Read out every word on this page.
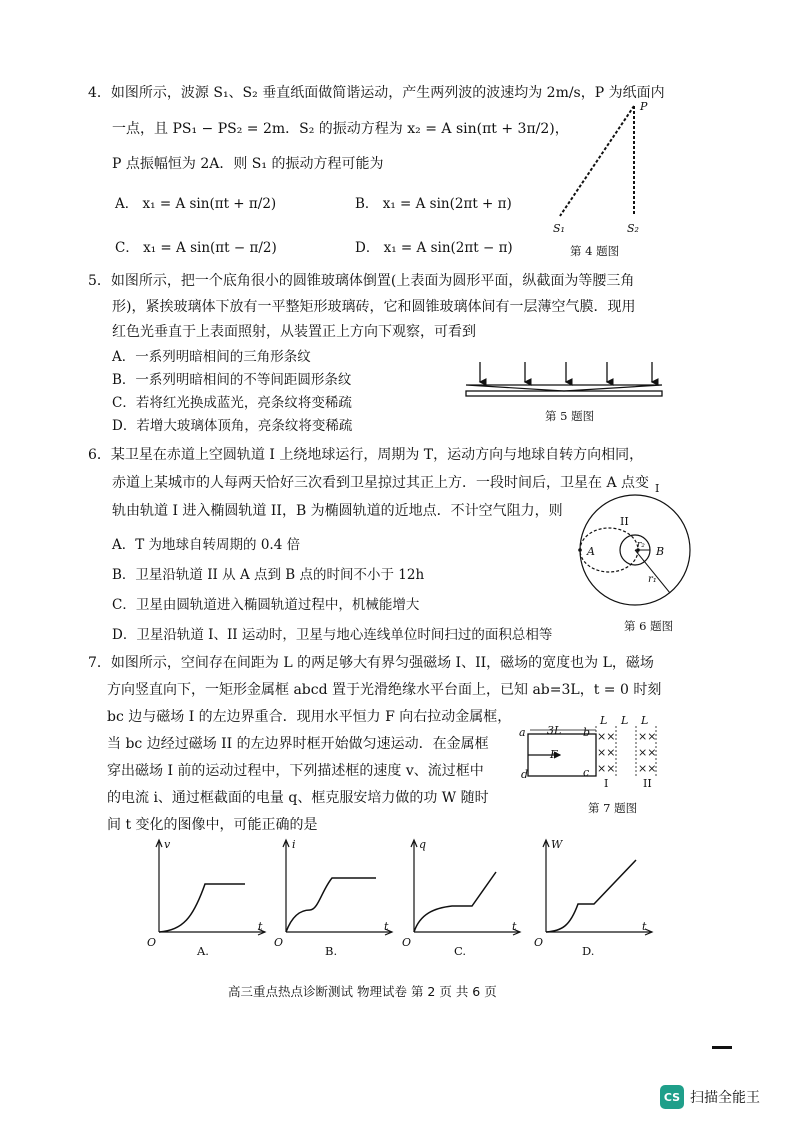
4．如图所示，波源 S₁、S₂ 垂直纸面做简谐运动，产生两列波的波速均为 2m/s，P 为纸面内
一点，且 PS₁ − PS₂ = 2m．S₂ 的振动方程为 x₂ = A sin(πt + 3π/2)，
P 点振幅恒为 2A．则 S₁ 的振动方程可能为
A． x₁ = A sin(πt + π/2)	B． x₁ = A sin(2πt + π)
C． x₁ = A sin(πt − π/2)	D． x₁ = A sin(2πt − π)
P
S₁	S₂
第 4 题图
5．如图所示，把一个底角很小的圆锥玻璃体倒置(上表面为圆形平面，纵截面为等腰三角
形)，紧挨玻璃体下放有一平整矩形玻璃砖，它和圆锥玻璃体间有一层薄空气膜．现用
红色光垂直于上表面照射，从装置正上方向下观察，可看到
A．一系列明暗相间的三角形条纹
B．一系列明暗相间的不等间距圆形条纹
C．若将红光换成蓝光，亮条纹将变稀疏
D．若增大玻璃体顶角，亮条纹将变稀疏
第 5 题图
6．某卫星在赤道上空圆轨道 I 上绕地球运行，周期为 T，运动方向与地球自转方向相同，
赤道上某城市的人每两天恰好三次看到卫星掠过其正上方．一段时间后，卫星在 A 点变
轨由轨道 I 进入椭圆轨道 II，B 为椭圆轨道的近地点．不计空气阻力，则
A．T 为地球自转周期的 0.4 倍
B．卫星沿轨道 II 从 A 点到 B 点的时间不小于 12h
C．卫星由圆轨道进入椭圆轨道过程中，机械能增大
D．卫星沿轨道 I、II 运动时，卫星与地心连线单位时间扫过的面积总相等
I
II
A	B
r₂
r₁
第 6 题图
7．如图所示，空间存在间距为 L 的两足够大有界匀强磁场 I、II，磁场的宽度也为 L，磁场
方向竖直向下，一矩形金属框 abcd 置于光滑绝缘水平台面上，已知 ab=3L，t = 0 时刻
bc 边与磁场 I 的左边界重合．现用水平恒力 F 向右拉动金属框，
当 bc 边经过磁场 II 的左边界时框开始做匀速运动．在金属框
穿出磁场 I 前的运动过程中，下列描述框的速度 v、流过框中
的电流 i、通过框截面的电量 q、框克服安培力做的功 W 随时
间 t 变化的图像中，可能正确的是
a	b
c
d
3L
F
L L L
××
××
××
××
××
××
I	II
第 7 题图
v
t
O
A.
i
t
O
B.
q
t
O
C.
W
t
O
D.
高三重点热点诊断测试 物理试卷 第 2 页 共 6 页
CS 扫描全能王
